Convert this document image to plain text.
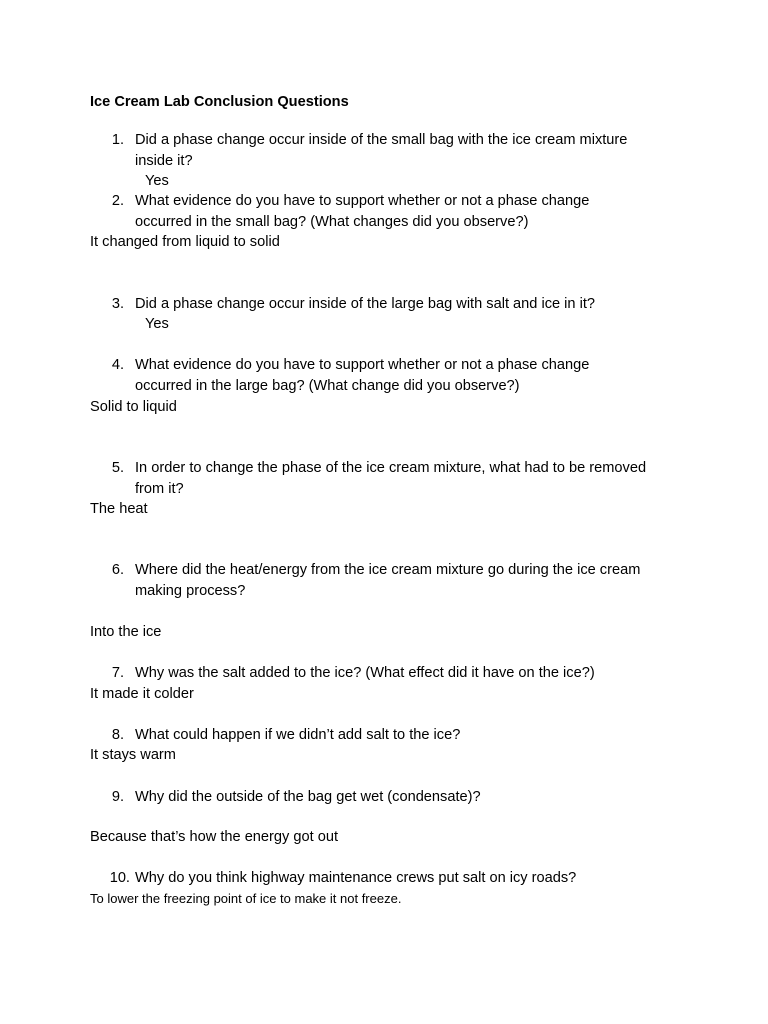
Ice Cream Lab Conclusion Questions
1. Did a phase change occur inside of the small bag with the ice cream mixture
inside it?
Yes
2. What evidence do you have to support whether or not a phase change
occurred in the small bag? (What changes did you observe?)
It changed from liquid to solid
3. Did a phase change occur inside of the large bag with salt and ice in it?
Yes
4. What evidence do you have to support whether or not a phase change
occurred in the large bag? (What change did you observe?)
Solid to liquid
5. In order to change the phase of the ice cream mixture, what had to be removed
from it?
The heat
6. Where did the heat/energy from the ice cream mixture go during the ice cream
making process?
Into the ice
7. Why was the salt added to the ice? (What effect did it have on the ice?)
It made it colder
8. What could happen if we didn’t add salt to the ice?
It stays warm
9. Why did the outside of the bag get wet (condensate)?
Because that’s how the energy got out
10. Why do you think highway maintenance crews put salt on icy roads?
To lower the freezing point of ice to make it not freeze.
